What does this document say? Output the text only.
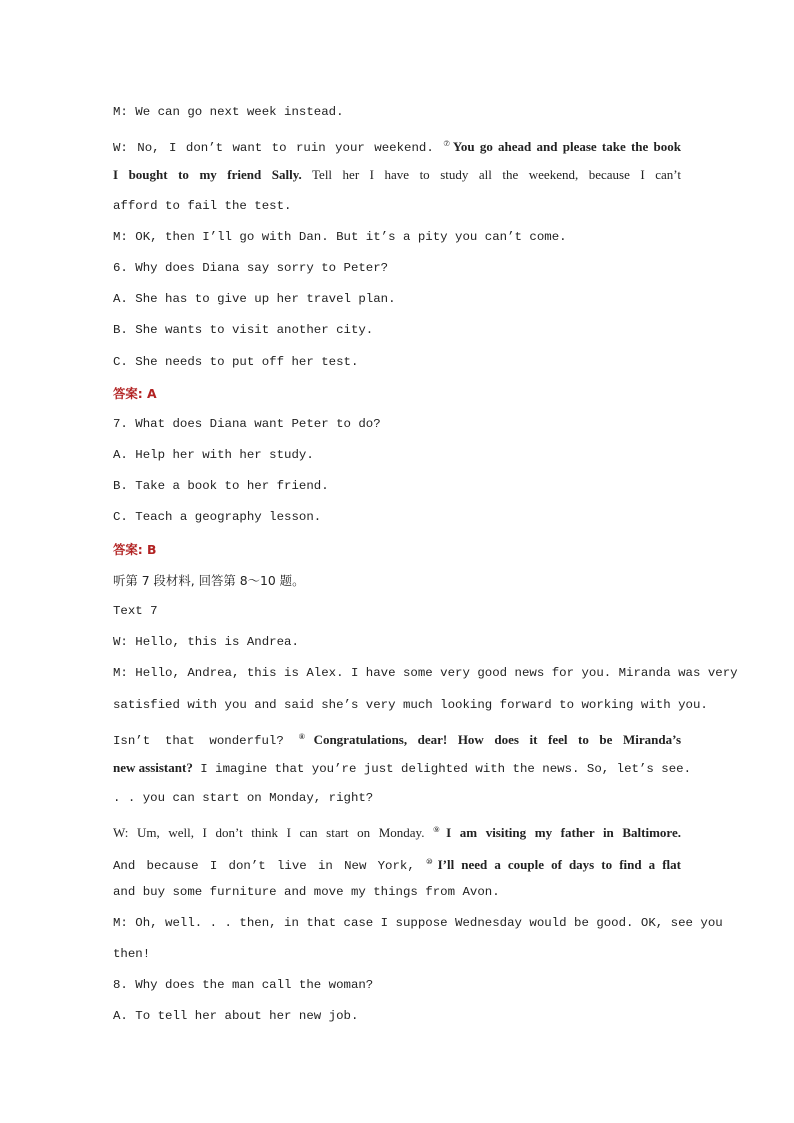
M: We can go next week instead.
W: No, I don’t want to ruin your weekend. ⑦You go ahead and please take the book
I bought to my friend Sally. Tell her I have to study all the weekend, because I can’t
afford to fail the test.
M: OK, then I’ll go with Dan. But it’s a pity you can’t come.
6. Why does Diana say sorry to Peter?
A. She has to give up her travel plan.
B. She wants to visit another city.
C. She needs to put off her test.
答案: A
7. What does Diana want Peter to do?
A. Help her with her study.
B. Take a book to her friend.
C. Teach a geography lesson.
答案: B
听第 7 段材料, 回答第 8～10 题。
Text 7
W: Hello, this is Andrea.
M: Hello, Andrea, this is Alex. I have some very good news for you. Miranda was very
satisfied with you and said she’s very much looking forward to working with you.
Isn’t that wonderful? ⑧Congratulations, dear! How does it feel to be Miranda’s
new assistant? I imagine that you’re just delighted with the news. So, let’s see.
. . you can start on Monday, right?
W: Um, well, I don’t think I can start on Monday. ⑨I am visiting my father in Baltimore.
And because I don’t live in New York, ⑩I’ll need a couple of days to find a flat
and buy some furniture and move my things from Avon.
M: Oh, well. . . then, in that case I suppose Wednesday would be good. OK, see you
then!
8. Why does the man call the woman?
A. To tell her about her new job.
